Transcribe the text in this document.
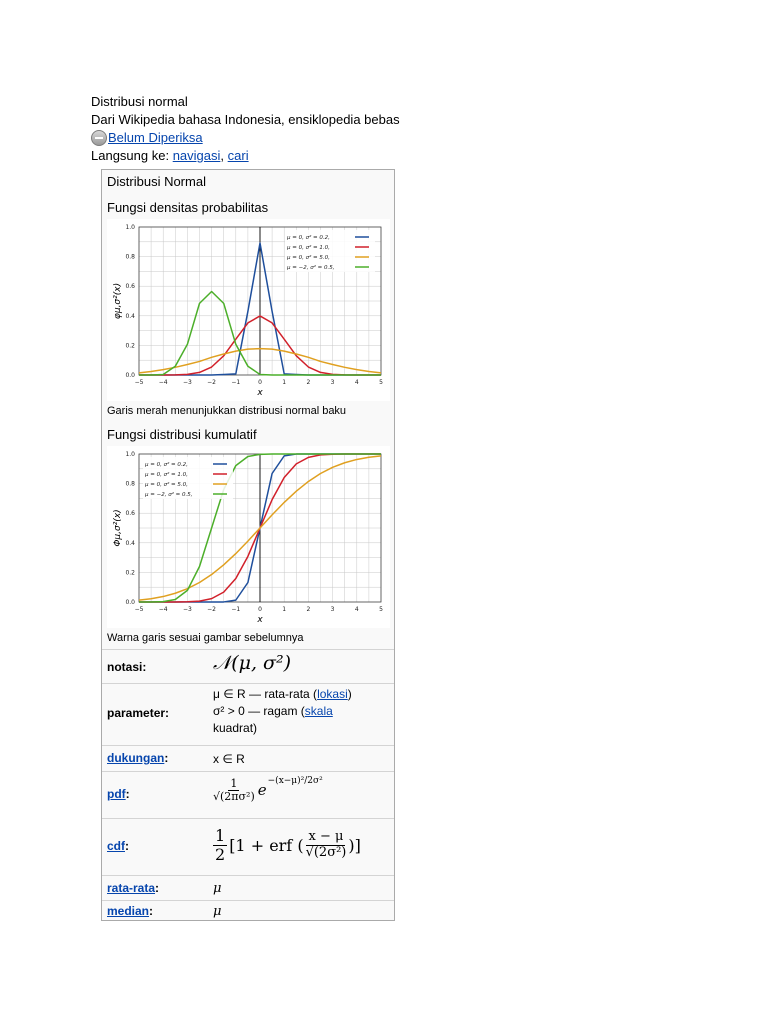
Distribusi normal
Dari Wikipedia bahasa Indonesia, ensiklopedia bebas
Belum Diperiksa
Langsung ke: navigasi, cari
Distribusi Normal
Fungsi densitas probabilitas
−5	−4	−3	−2	−1	0	1	2	3	4	5
0.0
0.2
0.4
0.6
0.8
1.0
x
φμ,σ²(x)
μ = 0, σ² = 0.2,
μ = 0, σ² = 1.0,
μ = 0, σ² = 5.0,
μ = −2, σ² = 0.5,
Garis merah menunjukkan distribusi normal baku
Fungsi distribusi kumulatif
−5	−4	−3	−2	−1	0	1	2	3	4	5
0.0
0.2
0.4
0.6
0.8
1.0
x
Φμ,σ²(x)
μ = 0, σ² = 0.2,
μ = 0, σ² = 1.0,
μ = 0, σ² = 5.0,
μ = −2, σ² = 0.5,
Warna garis sesuai gambar sebelumnya
notasi:	𝒩(μ, σ²)
parameter:
μ ∈ R — rata-rata (lokasi)
σ² > 0 — ragam (skala
kuadrat)
dukungan:	x ∈ R
pdf:	$\frac{1}{\text{√(2πσ²)}}$ e −(x−μ)²/2σ²
cdf:	$\frac{1}{2} [1$ + erf ( $\frac{x - \mu}{\text{√(2σ²)}}$ )]
rata-rata:	μ
median:	μ
